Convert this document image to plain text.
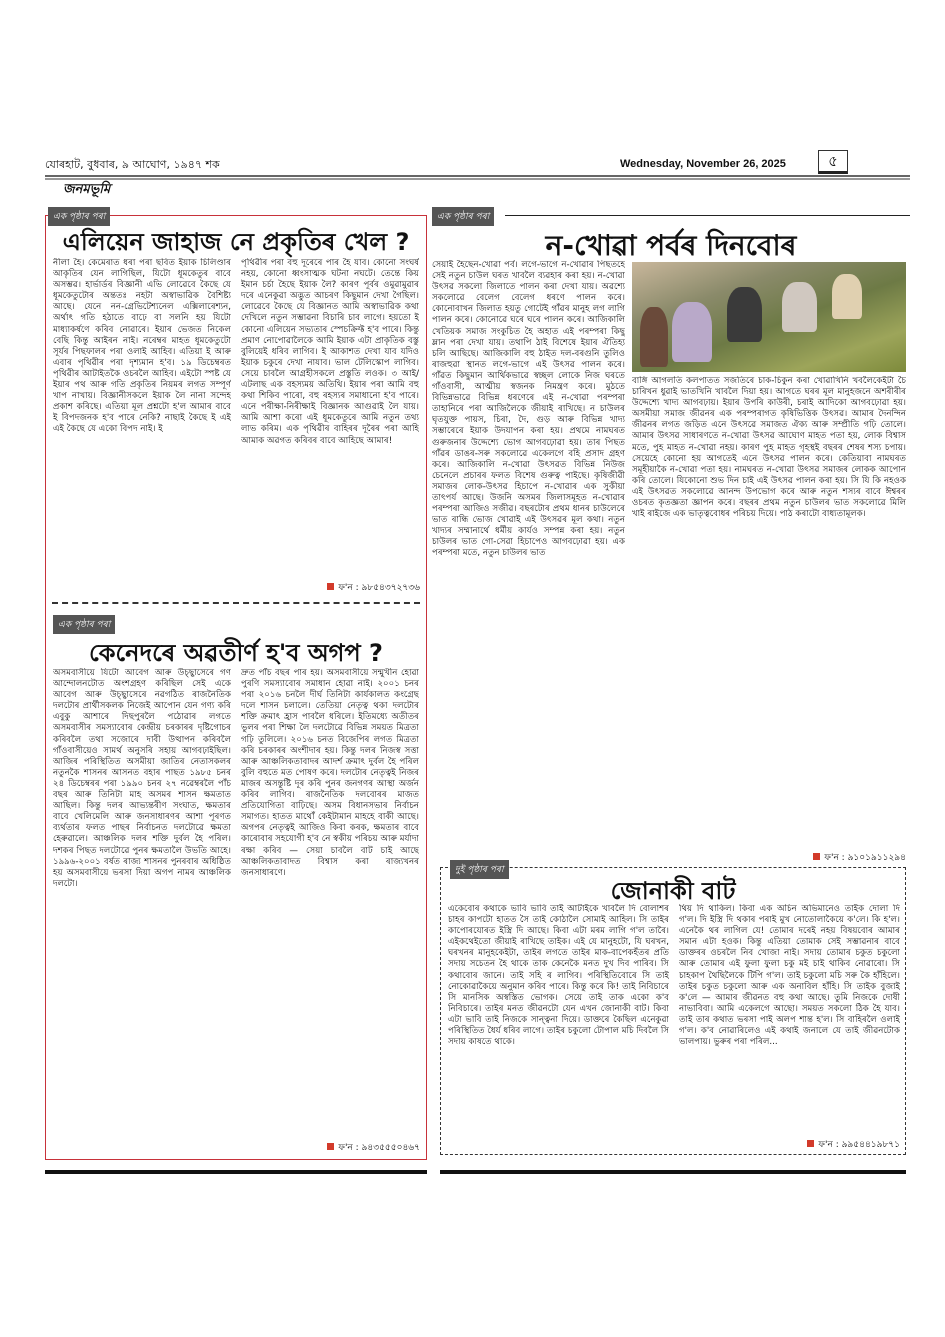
যোৰহাট, বুধবাৰ, ৯ আঘোণ, ১৯৪৭ শক	Wednesday, November 26, 2025	৫
জনমভূমি
এক পৃষ্ঠাৰ পৰা
এলিয়েন জাহাজ নে প্ৰকৃতিৰ খেল ?

নীলা হৈ। কেমেৰাত ধৰা পৰা ছবিত ইয়াক চিলিণ্ডাৰ আকৃতিৰ যেন লাগিছিল, যিটো ধূমকেতুৰ বাবে অসম্ভৱ। হাৰ্ভাৰ্ডৰ বিজ্ঞানী এভি লোৱেবে কৈছে যে ধূমকেতুটোৰ অন্ততঃ নহটা অস্বাভাৱিক বৈশিষ্ট্য আছে। যেনে নন-গ্ৰেভিটেশ্যনেল এক্সিলাৰেশ্যন, অৰ্থাৎ গতি হঠাতে বাঢ়ে বা সলনি হয় যিটো মাধ্যাকৰ্ষণে কৰিব নোৱাৰে। ইয়াৰ ভেজত নিকেল বেছি কিন্তু আইৰন নাই। নৰেম্বৰ মাহত ধূমকেতুটো সূৰ্যৰ পিছফালৰ পৰা ওলাই আহিব। এতিয়া ই আৰু এবাৰ পৃথিৱীৰ পৰা দৃশ্যমান হ'ব। ১৯ ডিচেম্বৰত পৃথিৱীৰ আটাইতকৈ ওচৰলৈ আহিব। এইটো স্পষ্ট যে ইয়াৰ পথ আৰু গতি প্ৰকৃতিৰ নিয়মৰ লগত সম্পূৰ্ণ খাপ নাখায়। বিজ্ঞানীসকলে ইয়াক লৈ নানা সন্দেহ প্ৰকাশ কৰিছে। এতিয়া মূল প্ৰশ্নটো হ'ল আমাৰ বাবে ই বিপদজনক হ'ব পাৰে নেকি? নাছাই কৈছে ই এই এই কৈছে যে একো বিপদ নাই। ই

পৃথিৱীৰ পৰা বহু দূৰেৰে পাৰ হৈ যাব। কোনো সংঘৰ্ষ নহয়, কোনো ধ্বংসাত্মক ঘটনা নঘটে। তেন্তে কিয় ইমান চৰ্চা হৈছে ইয়াক লৈ? কাৰণ পূৰ্বৰ ওমুৱামুৱাৰ দৰে এনেকুৱা অদ্ভুত আচৰণ কিছুমান দেখা গৈছিল। লোৱেবে কৈছে যে বিজ্ঞানত আমি অস্বাভাৱিক কথা দেখিলে নতুন সম্ভাৱনা বিচাৰি চাব লাগে। হয়তো ই কোনো এলিয়েন সভ্যতাৰ স্পেচক্ৰিফ্ট হ'ব পাৰে। কিন্তু প্ৰমাণ নোপোৱালৈকে আমি ইয়াক এটা প্ৰাকৃতিক বস্তু বুলিয়েই ধৰিব লাগিব। ই আকাশত দেখা যাব যদিও ইয়াক চকুৰে দেখা নাযাব। ভাল টেলিস্কোপ লাগিব। সেয়ে চাবলৈ আগ্ৰহীসকলে প্ৰস্তুতি লওক। ৩ আই/এটলাছ এক বহস্যময় অতিথি। ইয়াৰ পৰা আমি বহু কথা শিকিব পাৰো, বহু ৰহস্যৰ সমাধানো হ'ব পাৰে। এনে পৰীক্ষা-নিৰীক্ষাই বিজ্ঞানক আগুৱাই লৈ যায়। আমি আশা কৰো এই ধূমকেতুৰে আমি নতুন তথ্য লাভ কৰিম। এক পৃথিৱীৰ বাহিৰৰ দূৰৈৰ পৰা আহি আমাক অৱগত কৰিবৰ বাবে আহিছে আমাৰ!

ফ'ন : ৯৮৫৪৩৭২৭৩৬
এক পৃষ্ঠাৰ পৰা
কেনেদৰে অৱতীৰ্ণ হ'ব অগপ ?

অসমবাসীয়ে যিটো আবেগ আৰু উচ্ছ্বাসেৰে গণ আন্দোলনটোত অংশগ্ৰহণ কৰিছিল সেই একে আবেগ আৰু উচ্ছ্বাসেৰে নৱগঠিত ৰাজনৈতিক দলটোৰ প্ৰাৰ্থীসকলক নিজেই আপোন যেন গণ্য কৰি এবুকু আশাৰে দিছপুৰলৈ পঠোৱাৰ লগতে অসমবাসীৰ সমস্যাবোৰ কেন্দ্ৰীয় চৰকাৰৰ দৃষ্টিগোচৰ কৰিবলৈ তথা সজোৰে দাবী উত্থাপন কৰিবলৈ গাঁওবাসীয়েও সামৰ্থ অনুসৰি সহায় আগবঢ়াইছিল। আজিৰ পৰিস্থিতিত অসমীয়া জাতিৰ নেতাসকলৰ নতুনকৈ শাসনৰ আসনত বহাৰ পাছত ১৯৮৫ চনৰ ২৪ ডিচেম্বৰৰ পৰা ১৯৯০ চনৰ ২৭ নৱেম্বৰলৈ পাঁচ বছৰ আৰু তিনিটা মাহ অসমৰ শাসন ক্ষমতাত আছিল। কিন্তু দলৰ আভ্যন্তৰীণ সংঘাত, ক্ষমতাৰ বাবে খেলিমেলি আৰু জনসাধাৰণৰ আশা পূৰণত ব্যৰ্থতাৰ ফলত পাছৰ নিৰ্বাচনত দলটোৱে ক্ষমতা হেৰুৱালে। আঞ্চলিক দলৰ শক্তি দুৰ্বল হৈ পৰিল। দশকৰ পিছত দলটোৱে পুনৰ ক্ষমতালৈ উভতি আহে। ১৯৯৬-২০০১ বৰ্ষত ৰাজ্য শাসনৰ পুনৰবাৰ অধিষ্ঠিত হয় অসমবাসীয়ে ভৰসা দিয়া অগপ নামৰ আঞ্চলিক দলটো।

দ্ৰুত পাঁচ বছৰ পাৰ হয়। অসমবাসীয়ে সন্মুখীন হোৱা পুৰণি সমস্যাবোৰ সমাধান হোৱা নাই। ২০০১ চনৰ পৰা ২০১৬ চনলৈ দীৰ্ঘ তিনিটা কাৰ্যকালত কংগ্ৰেছ দলে শাসন চলালে। তেতিয়া নেতৃত্ব থকা দলটোৰ শক্তি ক্ৰমাৎ হ্ৰাস পাবলৈ ধৰিলে। ইতিমধ্যে অতীতৰ ভুলৰ পৰা শিক্ষা লৈ দলটোৱে বিভিন্ন সময়ত মিত্ৰতা গঢ়ি তুলিলে। ২০১৬ চনত বিজেপিৰ লগত মিত্ৰতা কৰি চৰকাৰৰ অংশীদাৰ হয়। কিন্তু দলৰ নিজস্ব সত্তা আৰু আঞ্চলিকতাবাদৰ আদৰ্শ ক্ৰমাৎ দুৰ্বল হৈ পৰিল বুলি বহুতে মত পোষণ কৰে। দলটোৰ নেতৃত্বই নিজৰ মাজৰ অসন্তুষ্টি দূৰ কৰি পুনৰ জনগণৰ আস্থা অৰ্জন কৰিব লাগিব। ৰাজনৈতিক দলবোৰৰ মাজত প্ৰতিযোগিতা বাঢ়িছে। অসম বিধানসভাৰ নিৰ্বাচন সমাগত। হাতত মাথোঁ কেইটামান মাহহে বাকী আছে। অগপৰ নেতৃত্বই আজিও কিবা কৰক, ক্ষমতাৰ বাবে কাৰোবাৰ সহযোগী হ'ব নে স্বকীয় পৰিচয় আৰু মৰ্যাদা ৰক্ষা কৰিব — সেয়া চাবলৈ বাট চাই আছে আঞ্চলিকতাবাদত বিশ্বাস কৰা ৰাজ্যখনৰ জনসাধাৰণে।

ফ'ন : ৯৪৩৫৫৫০৪৬৭
এক পৃষ্ঠাৰ পৰা
ন-খোৱা পৰ্বৰ দিনবোৰ

সেয়াই হৈছেন-খোৱা পৰ্ব। লগে-ভাগে ন-খোৱাৰ পিছতহে সেই নতুন চাউল ঘৰত খাবলৈ ব্যৱহাৰ কৰা হয়। ন-খোৱা উৎসৱ সকলো জিলাতে পালন কৰা দেখা যায়। অৱশ্যে সকলোৱে বেলেগ বেলেগ ধৰণে পালন কৰে। কোনোবাখন জিলাত হয়তু গোটেই গাঁৱৰ মানুহ লগ লাগি পালন কৰে। কোনোৱে ঘৰে ঘৰে পালন কৰে। আজিকালি খেতিয়ক সমাজ সংকুচিত হৈ অহাত এই পৰম্পৰা কিছু ম্লান পৰা দেখা যায়। তথাপি ঠাই বিশেষে ইয়াৰ ঐতিহ্য চলি আছিছে। আজিকালি বহু ঠাইত দল-বৰগুনি তুলিও ৰাজহুৱা স্থানত লগে-ভাগে এই উৎসৱ পালন কৰে। গাঁৱত কিছুমান আৰ্থিকভাৱে স্বচ্ছল লোকে নিজ ঘৰতে গাঁওবাসী, আত্মীয় স্বজনক নিমন্ত্ৰণ কৰে। মুঠতে বিভিন্নভাৱে বিভিন্ন ধৰণেৰে এই ন-খোৱা পৰম্পৰা তাহানিৰে পৰা আজিলৈকে জীয়াই ৰাখিছে। ন চাউলৰ ঘৃতযুক্ত পায়স, চিৰা, দৈ, গুড় আৰু বিভিন্ন খাদ্য সম্ভাৰেৰে ইয়াক উদযাপন কৰা হয়। প্ৰথমে নামঘৰত গুৰুজনাৰ উদ্দেশ্যে ভোগ আগবঢ়োৱা হয়। তাৰ পিছত গাঁৱৰ ডাঙৰ-সৰু সকলোৱে একেলগে বহি প্ৰসাদ গ্ৰহণ কৰে। আজিকালি ন-খোৱা উৎসৱত বিভিন্ন নিউজ চেনেলে প্ৰচাৰৰ ফলত বিশেষ গুৰুত্ব পাইছে। কৃষিজীৱী সমাজৰ লোক-উৎসৱ হিচাপে ন-খোৱাৰ এক সুকীয়া তাৎপৰ্য আছে। উজনি অসমৰ জিলাসমূহত ন-খোৱাৰ পৰম্পৰা আজিও সজীৱ। বছৰটোৰ প্ৰথম ধানৰ চাউলেৰে ভাত ৰান্ধি ভোজ খোৱাই এই উৎসৱৰ মূল কথা। নতুন খাদ্যৰ সম্মানাৰ্থে ধৰ্মীয় কাৰ্যও সম্পন্ন কৰা হয়। নতুন চাউলৰ ভাত গো-সেৱা হিচাপেও আগবঢ়োৱা হয়। এক পৰম্পৰা মতে, নতুন চাউলৰ ভাত

বাঙ্গি আগলতি কলপাতত সজতিৰে চাক-চিকুন কৰা খোৱাখিনি খবলৈকেইটা চৈ চাৰিখন ধুৱাই ভাতখিনি খাবলৈ দিয়া হয়। আগতে ঘৰৰ মূল মানুহজনে অশৰীৰীৰ উদ্দেশ্যে খাদ্য আগবঢ়ায়। ইয়াৰ উপৰি কাউৰী, চৰাই আদিকো আগবঢ়োৱা হয়। অসমীয়া সমাজ জীৱনৰ এক পৰম্পৰাগত কৃষিভিত্তিক উৎসৱ। আমাৰ দৈনন্দিন জীৱনৰ লগত জড়িত এনে উৎসৱে সমাজত ঐক্য আৰু সম্প্ৰীতি গঢ়ি তোলে। আমাৰ উৎসৱ সাধাৰণতে ন-খোৱা উৎসৱ আঘোণ মাহত পতা হয়, লোক বিশ্বাস মতে, পুহ মাহত ন-খোৱা নহয়। কাৰণ পুহ মাহত গৃহস্থই বছৰৰ শেষৰ শস্য চপায়। সেয়েহে কোনো হয় আগতেই এনে উৎসৱ পালন কৰে। কেতিয়াবা নামঘৰত সমূহীয়াকৈ ন-খোৱা পতা হয়। নামঘৰত ন-খোৱা উৎসৱ সমাজৰ লোকক আপোন কৰি তোলে। যিকোনো শুভ দিন চাই এই উৎসৱ পালন কৰা হয়। সি যি কি নহওক এই উৎসৱত সকলোৱে আনন্দ উপভোগ কৰে আৰু নতুন শস্যৰ বাবে ঈশ্বৰৰ ওচৰত কৃতজ্ঞতা জ্ঞাপন কৰে। বছৰৰ প্ৰথম নতুন চাউলৰ ভাত সকলোৱে মিলি খাই ৰাইজে এক ভাতৃত্ববোধৰ পৰিচয় দিয়ে। পাঠ কৰাটো বাধ্যতামূলক।

ফ'ন : ৯১০১৯১১২৯৪
দুই পৃষ্ঠাৰ পৰা
জোনাকী বাট

একেবোৰ কথাকে ভাবি ভাবি তাই আটাইকে খাবলৈ দি বোলাশৰ চাহৰ কাপটো হাতত সৈ তাই কোঠালৈ সোমাই আহিল। সি তাইৰ কাপোৰযোৰত ইস্ত্ৰি দি আছে। কিবা এটা মৰম লাগি গ'ল তাৰৈ। এইকথেইতো জীয়াই ৰাখিছে তাইক। এই যে মানুহটো, যি ঘৰখন, ঘৰখনৰ মানুহকেইটা, তাইৰ লগতে তাইৰ মাক-বাপেকহঁতৰ প্ৰতি সদায় সচেতন হৈ থাকে তাক কেনেকৈ মনত দুখ দিব পাৰিব। সি কথাবোৰ জানে। তাই সহি ৰ লাগিব। পৰিস্থিতিবোৰে সি তাই নোকোৱাকৈয়ে অনুমান কৰিব পাৰে। কিন্তু কৰে কি! তাই নিবিচাৰে সি মানসিক অস্বস্তিত ভোগক। সেয়ে তাই তাক একো ক'ব নিবিচাৰে। তাইৰ মনত জীৱনটো যেন এখন জোনাকী বাট। কিবা এটা ভাবি তাই নিজকে সান্ত্বনা দিয়ে। ডাক্তৰে কৈছিল এনেকুৱা পৰিস্থিতিত ধৈৰ্য ধৰিব লাগে। তাইৰ চকুলো টোপাল মচি দিবলৈ সি সদায় কাষতে থাকে।

থিয় দি থাকিল। কিবা এক অচিন অভিমানেও তাইক দোলা দি গ'ল। দি ইস্ত্ৰি দি থকাৰ পৰাই মুখ নোতোলাকৈয়ে ক'লে। কি হ'ল। এনেকৈ থৰ লাগিল যে! তোমাৰ দৰেই নহয় বিষয়বোৰ আমাৰ সমান এটা হওক। কিন্তু এতিয়া তোমাক সেই সম্ভাৱনাৰ বাবে ডাক্তৰৰ ওচৰলৈ নিব খোজা নাই। সদায় তোমাৰ চকুত চকুলো আৰু তোমাৰ এই ফুলা ফুলা চকু মই চাই থাকিব নোৱাৰো। সি চাহকাপ থৈছিলৈকে টিপি গ'ল। তাই চকুলো মচি সৰু কৈ হাঁহিলে। তাইৰ চকুত চকুলো আৰু এক অনাবিল হাঁহি। সি তাইক বুজাই ক'লে — আমাৰ জীৱনত বহু কথা আছে। তুমি নিজকে দোষী নাভাবিবা। আমি একেলগে আছো। সময়ত সকলো ঠিক হৈ যাব। তাই তাৰ কথাত ভৰসা পাই অলপ শান্ত হ'ল। সি বাহিৰলৈ ওলাই গ'ল। ক'ব নোৱাৰিলেও এই কথাই জনালে যে তাই জীৱনটোক ভালপায়। ভুৰুৰ পৰা পৰিল...

ফ'ন : ৯৯৫৪৪১৯৮৭১
